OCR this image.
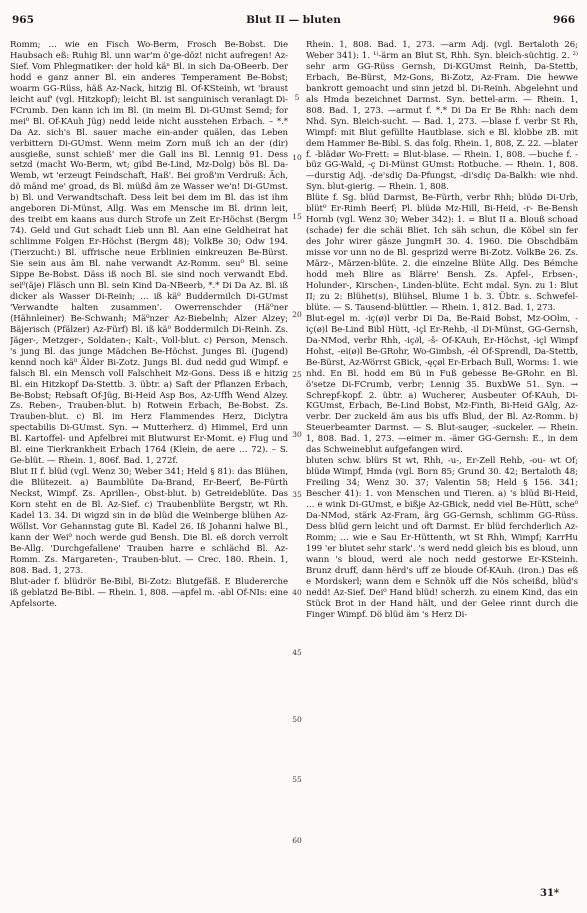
965	Blut II — bluten	966

Romm; … wie en Fisch Wo-Berm, Frosch Be-Bobst. Die Haubsach eß: Ruhig Bl. unn war'm ö'ge-döz! nicht aufregen! Az-Sief. Vom Phlegmatiker: der hold käⁿ Bl. in sich Da-OBeerb. Der hodd e ganz anner Bl. ein anderes Temperament Be-Bobst; woarm GG-Rüss, häß Az-Nack, hitzig Bl. Of-KSteinh, wt 'braust leicht auf' (vgl. Hitzkopf); leicht Bl. ist sanguinisch veranlagt Di-FCrumb. Den kann ich im Bl. (in meim Bl. Di-GUmst Semd; for mei⁰ Bl. Of-KAuh Jüg) nedd leide nicht ausstehen Erbach. – *.* Da Az. sich's Bl. sauer mache ein-ander quälen, das Leben verbittern Di-GUmst. Wenn meim Zorn muß ich an der (dir) ausgieße, sunst schieß' mer die Gall ins Bl. Lennig 91. Dess setzd (macht Wo-Berm, wt; gibd Be-Lind, Mz-Dolg) bös Bl. Da-Wemb, wt 'erzeugt Feindschaft, Haß'. Bei groß'm Verdruß: Äch, dö mänd me' groad, ds Bl. müßd äm ze Wasser we'n! Di-GUmst. b) Bl. und Verwandtschaft. Dess leit bei dem im Bl. das ist ihm angeboren Di-Münst, Allg. Was em Mensche im Bl. drinn leit, des treibt em kaans aus durch Strofe un Zeit Er-Höchst (Bergm 74). Geld und Gut schadt Lieb unn Bl. Aan eine Geldheirat hat schlimme Folgen Er-Höchst (Bergm 48); VolkBe 30; Odw 194. (Tierzucht:) Bl. uffrische neue Erblinien einkreuzen Be-Bürst. Sie sein aus ām Bl. nahe verwandt Az-Romm. seu⁰ Bl. seine Sippe Be-Bobst. Däss iß noch Bl. sie sind noch verwandt Ebd. sei⁰(äje) Fläsch unn Bl. sein Kind Da-NBeerb, *.* Di Da Az. Bl. iß dicker als Wasser Di-Reinh; … iß kä⁰ Buddermilch Di-GUmst 'Verwandte halten zusammen'. Owerrenschder (Hä⁰ner ⟨Hähnleiner⟩ Be-Schwanh; Mä⁰nzer Az-Biebelnh; Alzer Alzey; Bäjerisch ⟨Pfälzer⟩ Az-Fürf) Bl. iß kä⁰ Boddermilch Di-Reinh. Zs. Jäger-, Metzger-, Soldaten-; Kalt-, Voll-blut. c) Person, Mensch. 's jung Bl. das junge Mädchen Be-Höchst. Junges Bl. (Jugend) kennd noch kä⁰ Älder Bi-Zotz. Jungs Bl. dud nedd gud Wimpf. e falsch Bl. ein Mensch voll Falschheit Mz-Gons. Dess iß e hitzig Bl. ein Hitzkopf Da-Stettb. 3. übtr. a) Saft der Pflanzen Erbach, Be-Bobst; Rebsaft Of-Jüg, Bi-Heid Asp Bos, Az-Uffh Wend Alzey. Zs. Reben-, Trauben-blut. b) Rotwein Erbach, Be-Bobst. Zs. Trauben-blut. c) Bl. im Herz Flammendes Herz, Diclytra spectabilis Di-GUmst. Syn. → Mutterherz. d) Himmel, Erd unn Bl. Kartoffel- und Apfelbrei mit Blutwurst Er-Momt. e) Flug und Bl. eine Tierkrankheit Erbach 1764 (Klein, de aere … 72). – S. Ge-blüt. — Rhein. 1, 806f. Bad. 1, 272f.

Blut II f. blüd (vgl. Wenz 30; Weber 341; Held § 81): das Blühen, die Blütezeit. a) Baumblüte Da-Brand, Er-Beerf, Be-Fürth Neckst, Wimpf. Zs. Aprillen-, Obst-blut. b) Getreideblüte. Das Korn steht en de Bl. Az-Sief. c) Traubenblüte Bergstr, wt Rh. Kadel 13. 34. Di wigzd sin in dø blüd die Weinberge blühen Az-Wöllst. Vor Gehannstag gute Bl. Kadel 26. Iß Johanni halwe Bl., kann der Wei⁰ noch werde gud Bensh. Die Bl. eß dorch verrolt Be-Allg. 'Durchgefallene' Trauben harre e schlächd Bl. Az-Romm. Zs. Margareten-, Trauben-blut. — Crec. 180. Rhein. 1, 808. Bad. 1, 273.

Blut-ader f. blüdrör Be-Bibl, Bi-Zotz: Blutgefäß. E Bludererche iß geblatzd Be-Bibl. — Rhein. 1, 808. —apfel m. -abl Of-NIs: eine Apfelsorte.

Rhein. 1, 808. Bad. 1, 273. —arm Adj. (vgl. Bertaloth 26; Weber 341): 1. ¹⁾-ärm an Blut St, Rhh. Syn. bleich-süchtig. 2. ²⁾ sehr arm GG-Rüss Gernsh, Di-KGUmst Reinh, Da-Stettb, Erbach, Be-Bürst, Mz-Gons, Bi-Zotz, Az-Fram. Die hewwe bankrott gemoacht und sinn jetzd bl. Di-Reinh. Abgelehnt und als Hmda bezeichnet Darmst. Syn. bettel-arm. — Rhein. 1, 808. Bad. 1, 273. —armut f. *.* Di Da Er Be Rhh: nach dem Nhd. Syn. Bleich-sucht. — Bad. 1, 273. —blase f. verbr St Rh, Wimpf: mit Blut gefüllte Hautblase. sich e Bl. klobbe zB. mit dem Hammer Be-Bibl. S. das folg. Rhein. 1, 808, Z. 22. —blater f. -blädør Wo-Frett: = Blut-blase. — Rhein. 1, 808. —buche f. -büz GG-Wald, -ç Di-Münst GUmst: Rotbuche. — Rhein. 1, 808. —durstig Adj. -de'sdiç Da-Pfungst, -di'sdiç Da-Balkh: wie nhd. Syn. blut-gierig. — Rhein. 1, 808.

Blüte f. Sg. blüd Darmst, Be-Fürth, verbr Rhh; blüdø Di-Urb, blüt⁰ Er-Rimh Beerf; Pl. blüdø Mz-Hill, Bi-Heid, -r- Be-Bensh Hornb (vgl. Wenz 30; Weber 342): 1. = Blut II a. Blouß schoad (schade) fer die schäi Bliet. Ich säh schun, die Köbel sin fer des Johr wirer gäsze JungmH 30. 4. 1960. Die Obschdbäm misse vor unn no de Bl. gesprizd werre Bi-Zotz. VolkBe 26. Zs. März-, Märzen-blüte. 2. die einzelne Blüte Allg. Des Bémche hodd meh Blire as Blärre' Bensh. Zs. Apfel-, Erbsen-, Holunder-, Kirschen-, Linden-blüte. Echt mdal. Syn. zu 1: Blut II; zu 2: Blühet(s), Blühsel, Blume 1 b. 3. Übtr. s. Schwefel-blüte. — S. Tausend-blüttler. — Rhein. 1, 812. Bad. 1, 273.

Blut-egel m. -iç(ø)l verbr Di Da, Be-Raid Bobst, Mz-OOlm, -iç(ø)l Be-Lind Bibl Hütt, -içl Er-Rehb, -il Di-Münst, GG-Gernsh, Da-NMod, verbr Rhh, -iç∂l, -š- Of-KAuh, Er-Höchst, -içl Wimpf Hohst, -ei(ø)l Be-GRohr, Wo-Gimbsh, -él Of-Sprendl, Da-Stettb, Be-Bürst, Az-Wörrst GBick, -ęçøl Er-Erbach Bull, Worms: 1. wie nhd. En Bl. hodd em Bü in Fuß gebesse Be-GRohr. en Bl. ö'setze Di-FCrumb, verbr; Lennig 35. BuxbWe 51. Syn. → Schrepf-kopf. 2. übtr. a) Wucherer, Ausbeuter Of-KAuh, Di-KGUmst, Erbach, Be-Lind Bobst, Mz-Finth, Bi-Heid GAlg, Az-verbr. Der zuckeld äm aus bis uffs Blud, der Bl. Az-Romm. b) Steuerbeamter Darmst. — S. Blut-sauger, -suckeler. — Rhein. 1, 808. Bad. 1, 273. —eimer m. -ämer GG-Gernsh: E., in dem das Schweineblut aufgefangen wird.

bluten schw. blürs St wt, Rhh, -u-, Er-Zell Rehb, -ou- wt Of; blüdø Wimpf, Hmda (vgl. Born 85; Grund 30. 42; Bertaloth 48; Freiling 34; Wenz 30. 37; Valentin 58; Held § 156. 341; Bescher 41): 1. von Menschen und Tieren. a) 's blüd Bi-Heid, … e wink Di-GUmst, e bißje Az-GBick, nedd viel Be-Hütt, sche⁰ Da-NMod, stärk Az-Fram, ärg GG-Gernsh, schlimm GG-Rüss. Dess blüd gern leicht und oft Darmst. Er blüd ferchderlich Az-Romm; … wie e Sau Er-Hüttenth, wt St Rhh, Wimpf; KarrHu 199 'er blutet sehr stark'. 's werd nedd gleich bis es bloud, unn wann 's bloud, werd ale noch nedd gestorwe Er-KSteinh. Brunz druff, dann hërd's uff ze bloude Of-KAuh. (iron.) Das eß e Mordskerl; wann dem e Schnök uff die Nös scheißd, blüd's nedd! Az-Sief. Dei⁰ Hand blüd! scherzh. zu einem Kind, das ein Stück Brot in der Hand hält, und der Gelee rinnt durch die Finger Wimpf. Dö blüd äm 's Herz Di-

5
10
15
20
25
30
35
40
45
50
55
60
31*
